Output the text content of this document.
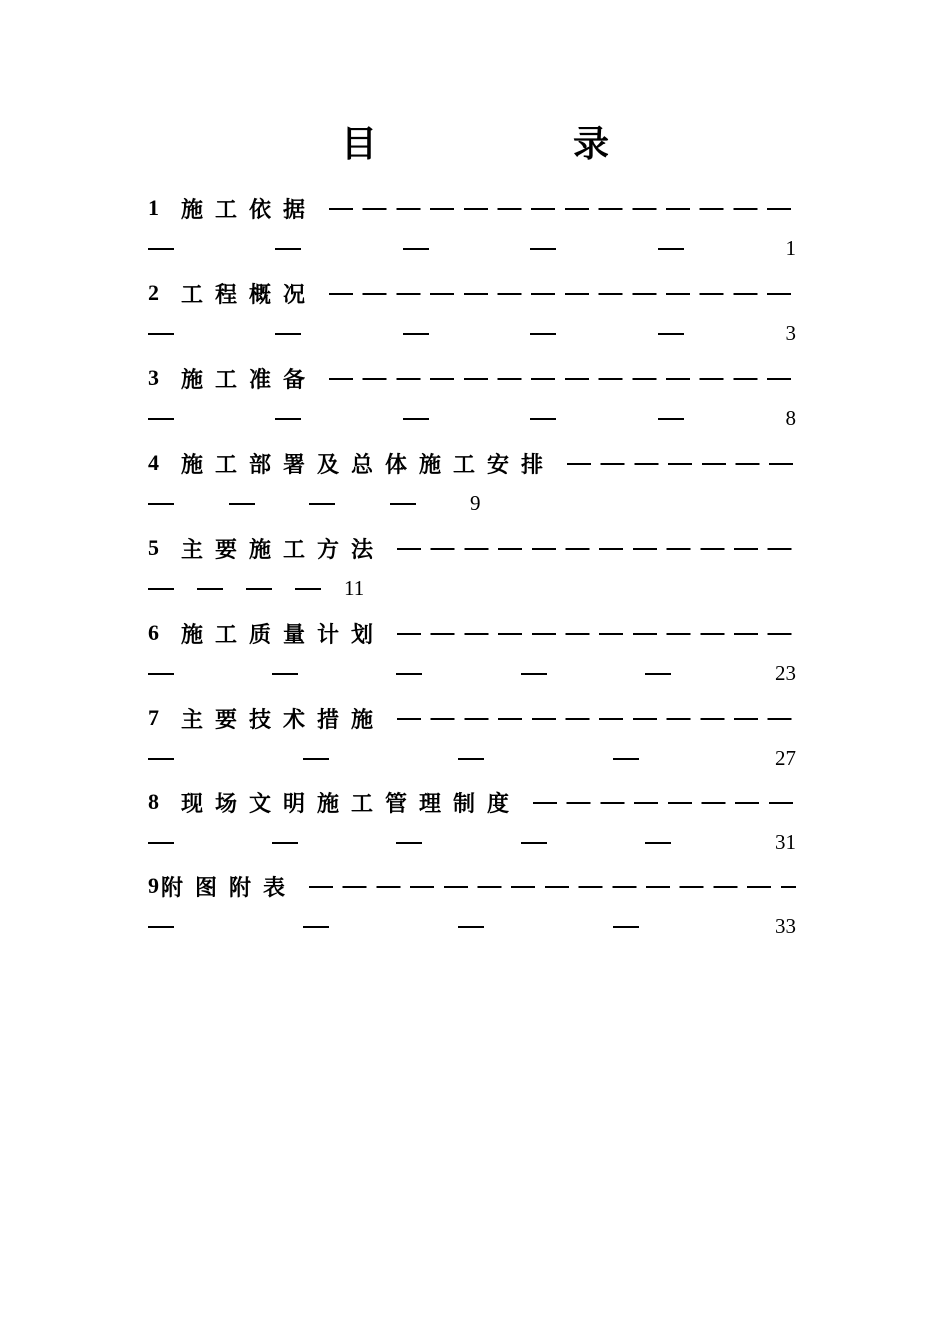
目　录
1 施工依据
1
2 工程概况
3
3 施工准备
8
4 施工部署及总体施工安排
9
5 主要施工方法
11
6 施工质量计划
23
7 主要技术措施
27
8 现场文明施工管理制度
31
9 附图附表
33
